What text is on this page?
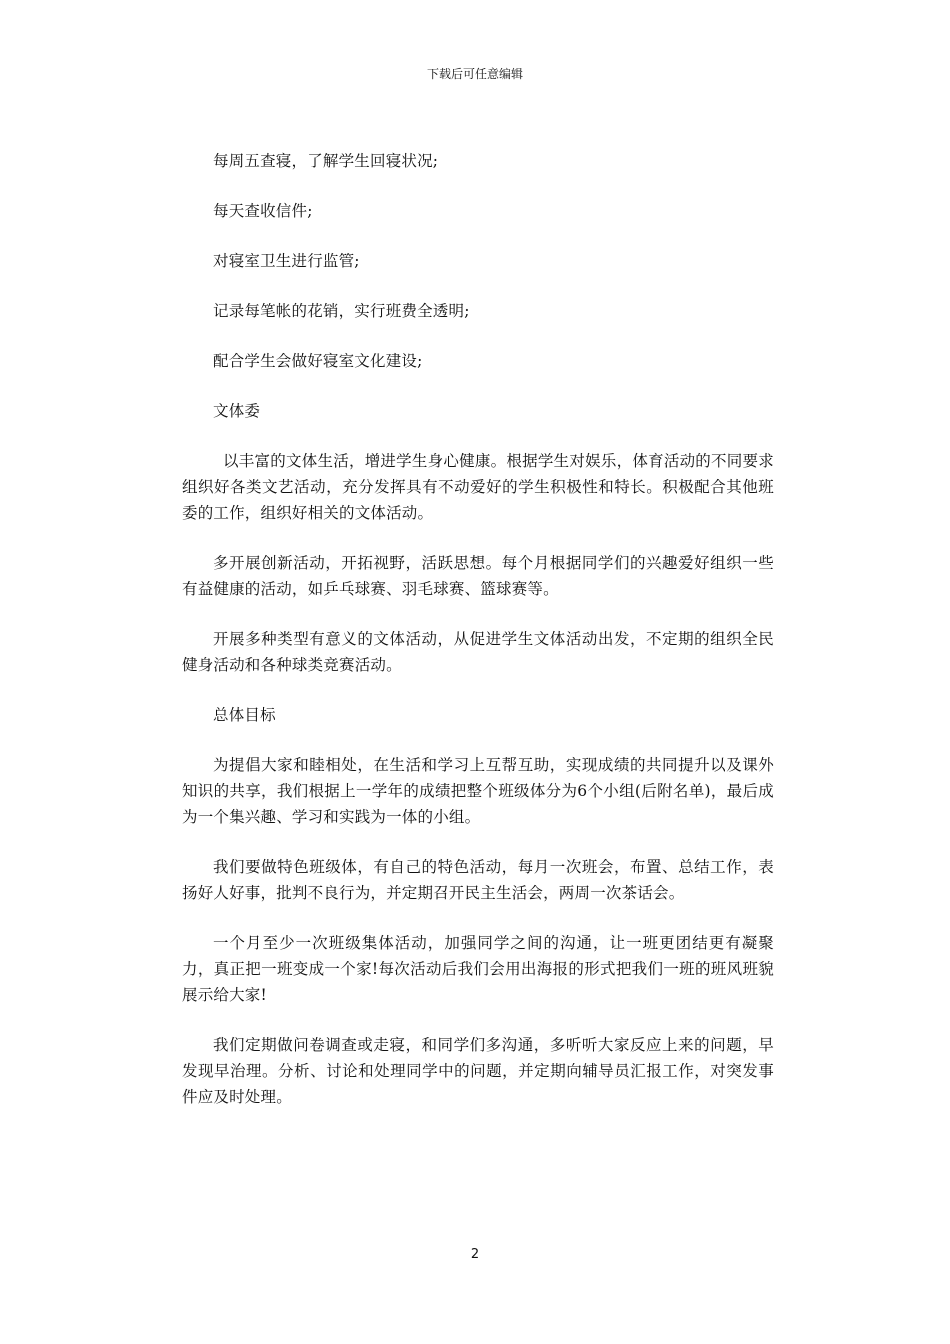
下载后可任意编辑

每周五查寝，了解学生回寝状况;

每天查收信件;

对寝室卫生进行监管;

记录每笔帐的花销，实行班费全透明;

配合学生会做好寝室文化建设;

文体委

以丰富的文体生活，增进学生身心健康。根据学生对娱乐，体育活动的不同要求组织好各类文艺活动，充分发挥具有不动爱好的学生积极性和特长。积极配合其他班委的工作，组织好相关的文体活动。

多开展创新活动，开拓视野，活跃思想。每个月根据同学们的兴趣爱好组织一些有益健康的活动，如乒乓球赛、羽毛球赛、篮球赛等。

开展多种类型有意义的文体活动，从促进学生文体活动出发，不定期的组织全民健身活动和各种球类竞赛活动。

总体目标

为提倡大家和睦相处，在生活和学习上互帮互助，实现成绩的共同提升以及课外知识的共享，我们根据上一学年的成绩把整个班级体分为6个小组(后附名单)，最后成为一个集兴趣、学习和实践为一体的小组。

我们要做特色班级体，有自己的特色活动，每月一次班会，布置、总结工作，表扬好人好事，批判不良行为，并定期召开民主生活会，两周一次茶话会。

一个月至少一次班级集体活动，加强同学之间的沟通，让一班更团结更有凝聚力，真正把一班变成一个家!每次活动后我们会用出海报的形式把我们一班的班风班貌展示给大家!

我们定期做问卷调查或走寝，和同学们多沟通，多听听大家反应上来的问题，早发现早治理。分析、讨论和处理同学中的问题，并定期向辅导员汇报工作，对突发事件应及时处理。

2
